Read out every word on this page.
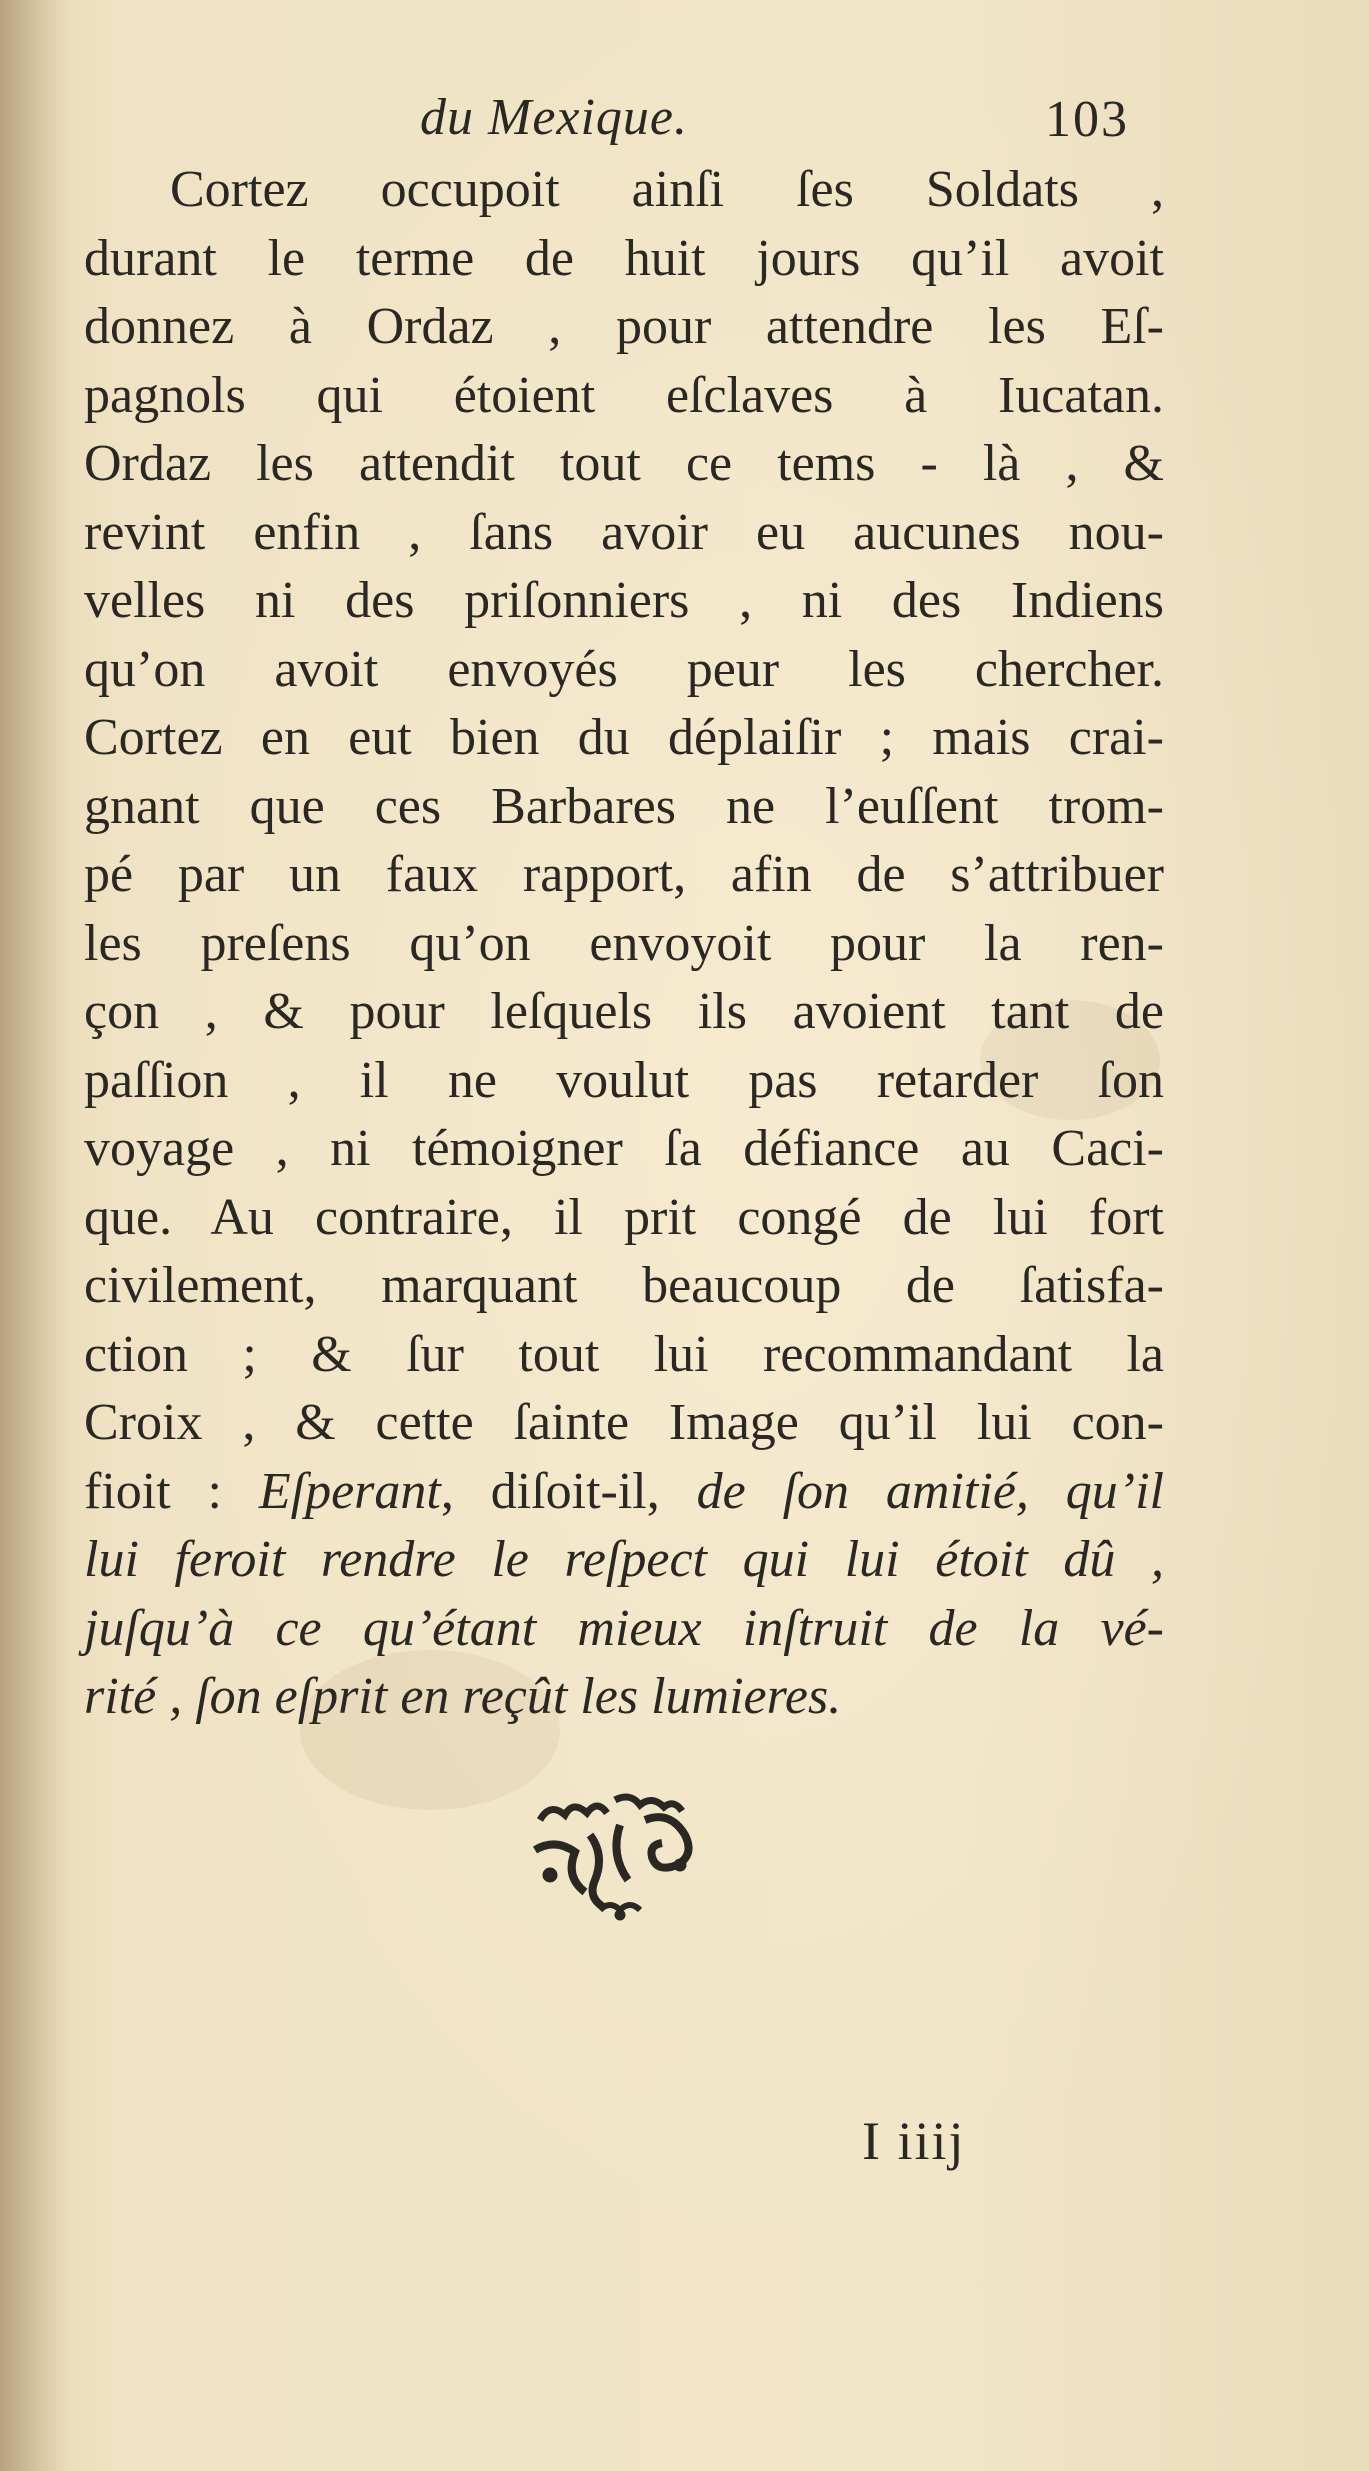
du Mexique.	103
Cortez occupoit ainſi ſes Soldats ,
durant le terme de huit jours qu’il avoit
donnez à Ordaz , pour attendre les Eſ-
pagnols qui étoient eſclaves à Iucatan.
Ordaz les attendit tout ce tems - là , &
revint enfin , ſans avoir eu aucunes nou-
velles ni des priſonniers , ni des Indiens
qu’on avoit envoyés peur les chercher.
Cortez en eut bien du déplaiſir ; mais crai-
gnant que ces Barbares ne l’euſſent trom-
pé par un faux rapport, afin de s’attribuer
les preſens qu’on envoyoit pour la ren-
çon , & pour leſquels ils avoient tant de
paſſion , il ne voulut pas retarder ſon
voyage , ni témoigner ſa défiance au Caci-
que. Au contraire, il prit congé de lui fort
civilement, marquant beaucoup de ſatisfa-
ction ; & ſur tout lui recommandant la
Croix , & cette ſainte Image qu’il lui con-
fioit : Eſperant, diſoit-il, de ſon amitié, qu’il
lui feroit rendre le reſpect qui lui étoit dû ,
juſqu’à ce qu’étant mieux inſtruit de la vé-
rité , ſon eſprit en reçût les lumieres.
I iiij
